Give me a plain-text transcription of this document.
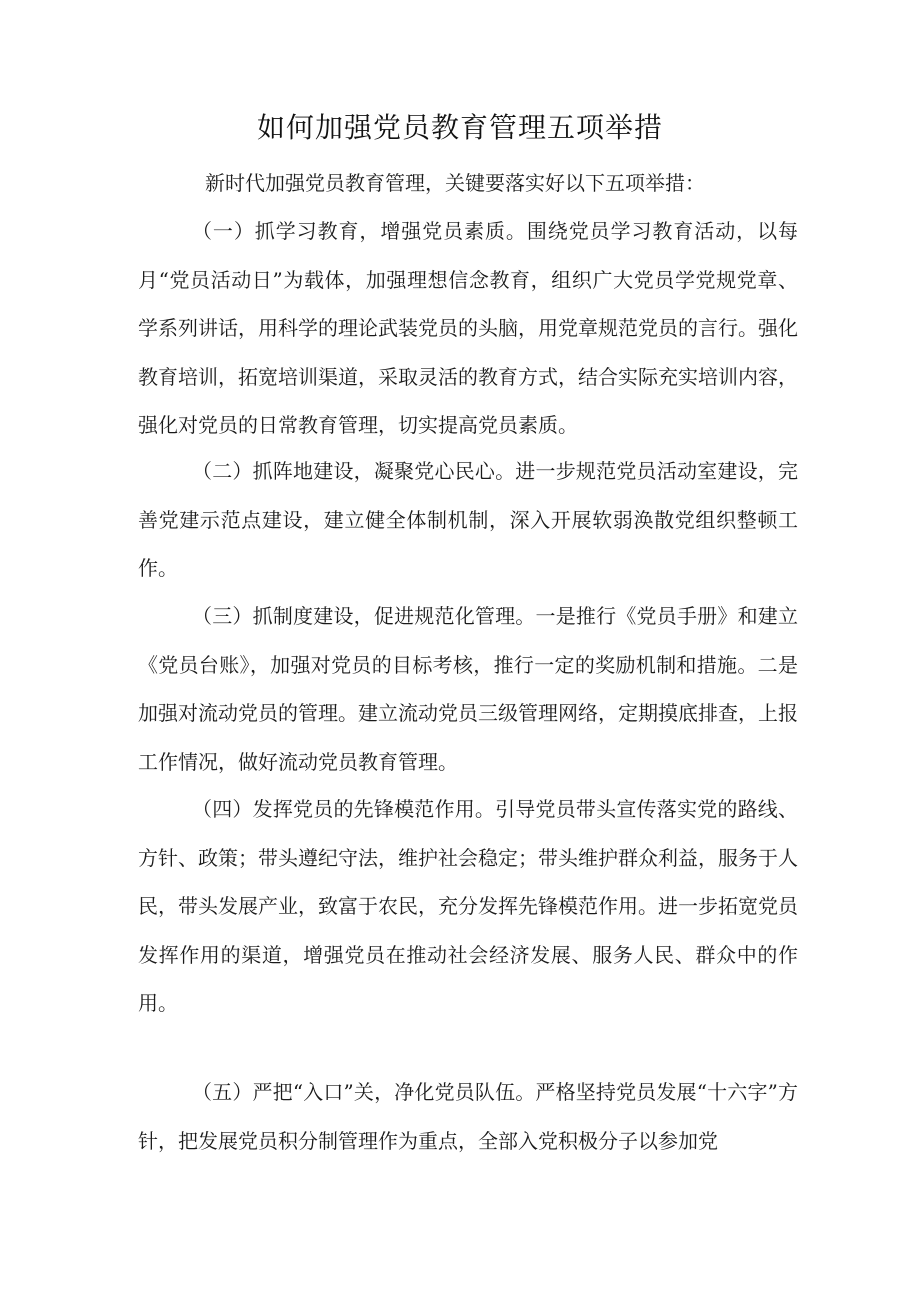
如何加强党员教育管理五项举措

新时代加强党员教育管理，关键要落实好以下五项举措：

（一）抓学习教育，增强党员素质。围绕党员学习教育活动，以每月“党员活动日”为载体，加强理想信念教育，组织广大党员学党规党章、学系列讲话，用科学的理论武装党员的头脑，用党章规范党员的言行。强化教育培训，拓宽培训渠道，采取灵活的教育方式，结合实际充实培训内容，强化对党员的日常教育管理，切实提高党员素质。

（二）抓阵地建设，凝聚党心民心。进一步规范党员活动室建设，完善党建示范点建设，建立健全体制机制，深入开展软弱涣散党组织整顿工作。

（三）抓制度建设，促进规范化管理。一是推行《党员手册》和建立《党员台账》，加强对党员的目标考核，推行一定的奖励机制和措施。二是加强对流动党员的管理。建立流动党员三级管理网络，定期摸底排查，上报工作情况，做好流动党员教育管理。

（四）发挥党员的先锋模范作用。引导党员带头宣传落实党的路线、方针、政策；带头遵纪守法，维护社会稳定；带头维护群众利益，服务于人民，带头发展产业，致富于农民，充分发挥先锋模范作用。进一步拓宽党员发挥作用的渠道，增强党员在推动社会经济发展、服务人民、群众中的作用。

（五）严把“入口”关，净化党员队伍。严格坚持党员发展“十六字”方针，把发展党员积分制管理作为重点，全部入党积极分子以参加党
